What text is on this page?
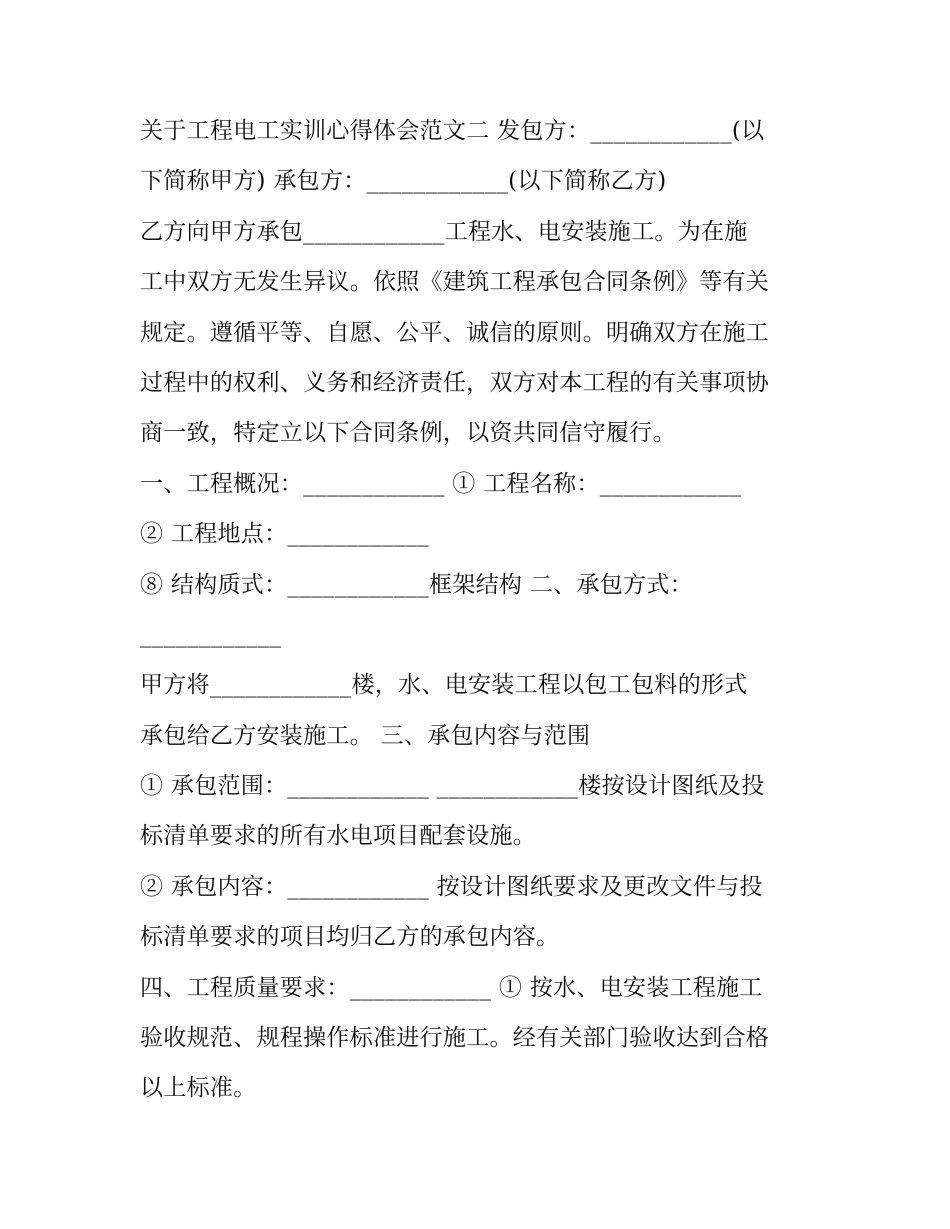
关于工程电工实训心得体会范文二 发包方：____________(以
下简称甲方) 承包方：____________(以下简称乙方)
乙方向甲方承包____________工程水、电安装施工。为在施
工中双方无发生异议。依照《建筑工程承包合同条例》等有关
规定。遵循平等、自愿、公平、诚信的原则。明确双方在施工
过程中的权利、义务和经济责任，双方对本工程的有关事项协
商一致，特定立以下合同条例，以资共同信守履行。
一、工程概况：____________ ① 工程名称：____________
② 工程地点：____________
⑧ 结构质式：____________框架结构 二、承包方式：
____________
甲方将____________楼，水、电安装工程以包工包料的形式
承包给乙方安装施工。 三、承包内容与范围
① 承包范围：____________ ____________楼按设计图纸及投
标清单要求的所有水电项目配套设施。
② 承包内容：____________ 按设计图纸要求及更改文件与投
标清单要求的项目均归乙方的承包内容。
四、工程质量要求：____________ ① 按水、电安装工程施工
验收规范、规程操作标准进行施工。经有关部门验收达到合格
以上标准。
